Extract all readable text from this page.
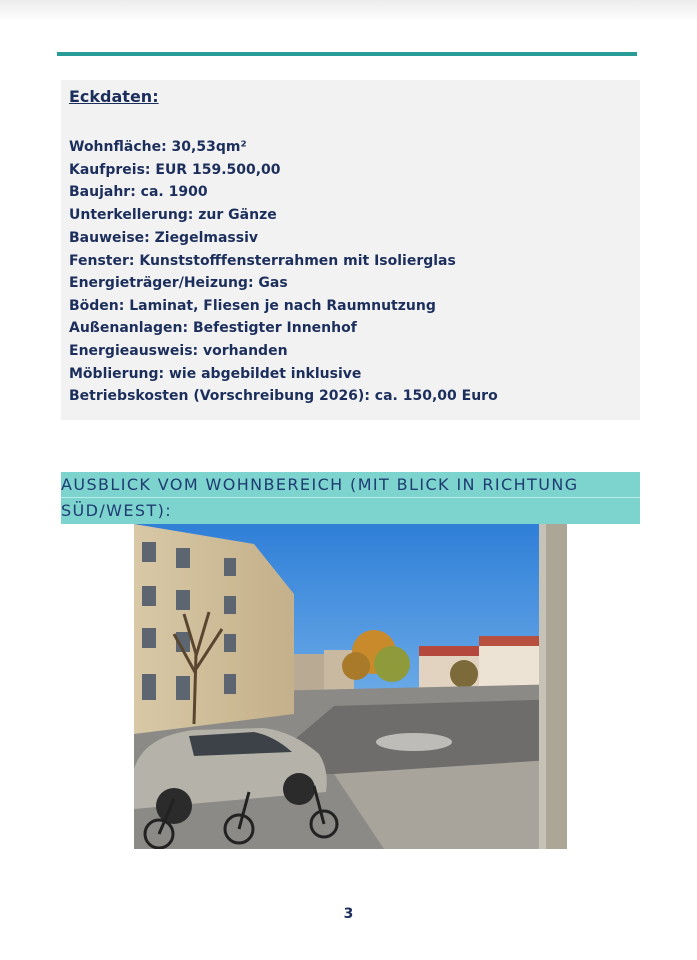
Eckdaten:
Wohnfläche: 30,53qm²
Kaufpreis: EUR 159.500,00
Baujahr: ca. 1900
Unterkellerung: zur Gänze
Bauweise: Ziegelmassiv
Fenster: Kunststofffensterrahmen mit Isolierglas
Energieträger/Heizung: Gas
Böden: Laminat, Fliesen je nach Raumnutzung
Außenanlagen: Befestigter Innenhof
Energieausweis: vorhanden
Möblierung: wie abgebildet inklusive
Betriebskosten (Vorschreibung 2026): ca. 150,00 Euro
AUSBLICK VOM WOHNBEREICH (MIT BLICK IN RICHTUNG
SÜD/WEST):
3
